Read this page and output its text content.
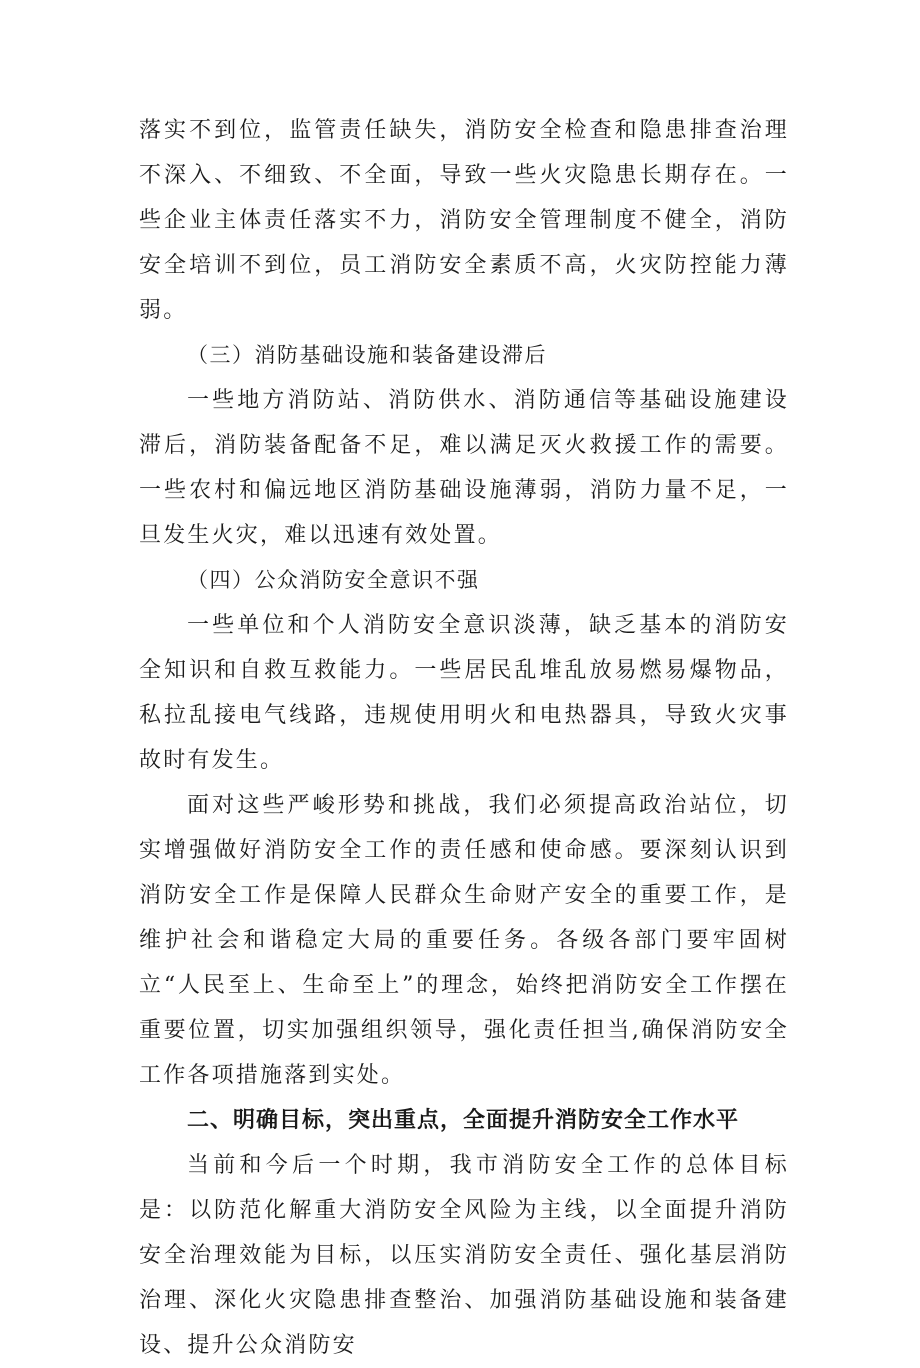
落实不到位，监管责任缺失，消防安全检查和隐患排查治理不深入、不细致、不全面，导致一些火灾隐患长期存在。一些企业主体责任落实不力，消防安全管理制度不健全，消防安全培训不到位，员工消防安全素质不高，火灾防控能力薄弱。

（三）消防基础设施和装备建设滞后

一些地方消防站、消防供水、消防通信等基础设施建设滞后，消防装备配备不足，难以满足灭火救援工作的需要。一些农村和偏远地区消防基础设施薄弱，消防力量不足，一旦发生火灾，难以迅速有效处置。

（四）公众消防安全意识不强

一些单位和个人消防安全意识淡薄，缺乏基本的消防安全知识和自救互救能力。一些居民乱堆乱放易燃易爆物品，私拉乱接电气线路，违规使用明火和电热器具，导致火灾事故时有发生。

面对这些严峻形势和挑战，我们必须提高政治站位，切实增强做好消防安全工作的责任感和使命感。要深刻认识到消防安全工作是保障人民群众生命财产安全的重要工作，是维护社会和谐稳定大局的重要任务。各级各部门要牢固树立“人民至上、生命至上”的理念，始终把消防安全工作摆在重要位置，切实加强组织领导，强化责任担当,确保消防安全工作各项措施落到实处。

二、明确目标，突出重点，全面提升消防安全工作水平

当前和今后一个时期，我市消防安全工作的总体目标是：以防范化解重大消防安全风险为主线，以全面提升消防安全治理效能为目标，以压实消防安全责任、强化基层消防治理、深化火灾隐患排查整治、加强消防基础设施和装备建设、提升公众消防安
